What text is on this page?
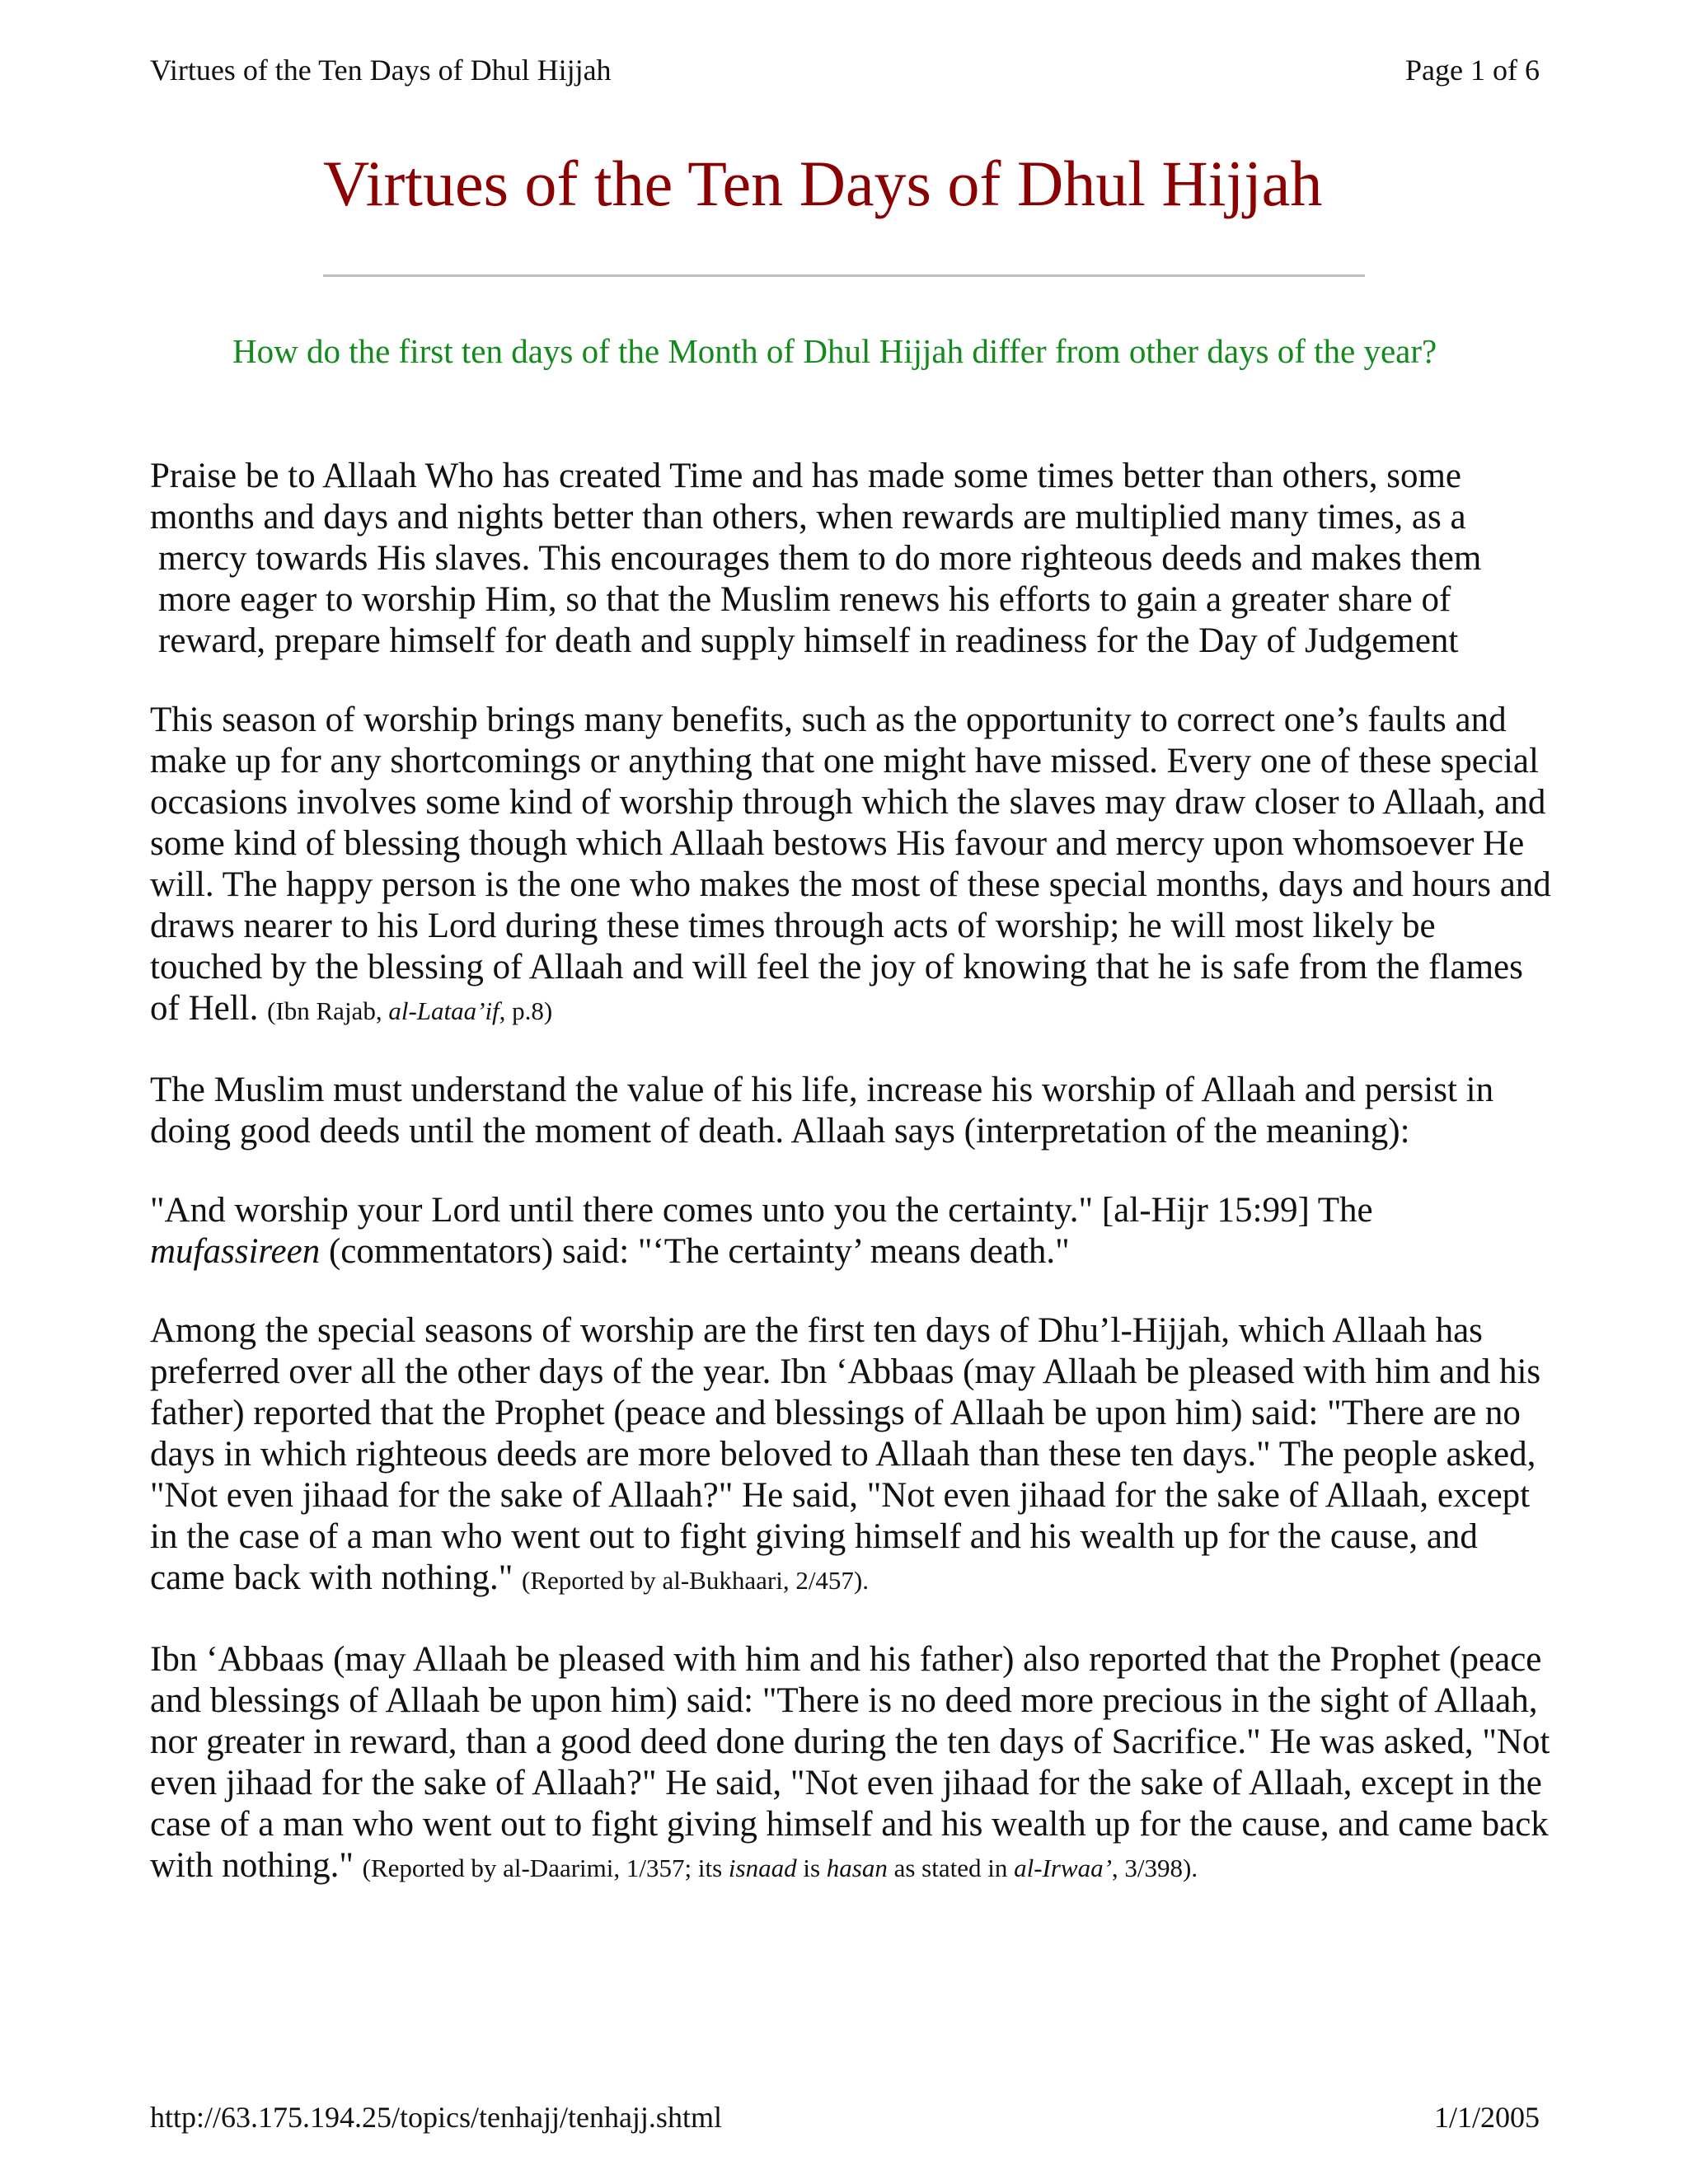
Virtues of the Ten Days of Dhul Hijjah	Page 1 of 6
Virtues of the Ten Days of Dhul Hijjah
How do the first ten days of the Month of Dhul Hijjah differ from other days of the year?

Praise be to Allaah Who has created Time and has made some times better than others, some
months and days and nights better than others, when rewards are multiplied many times, as a
mercy towards His slaves. This encourages them to do more righteous deeds and makes them more eager to worship Him, so that the Muslim renews his efforts to gain a greater share of reward, prepare himself for death and supply himself in readiness for the Day of Judgement

This season of worship brings many benefits, such as the opportunity to correct one’s faults and make up for any shortcomings or anything that one might have missed. Every one of these special occasions involves some kind of worship through which the slaves may draw closer to Allaah, and some kind of blessing though which Allaah bestows His favour and mercy upon whomsoever He will. The happy person is the one who makes the most of these special months, days and hours and draws nearer to his Lord during these times through acts of worship; he will most likely be touched by the blessing of Allaah and will feel the joy of knowing that he is safe from the flames of Hell. (Ibn Rajab, al-Lataa’if, p.8)

The Muslim must understand the value of his life, increase his worship of Allaah and persist in doing good deeds until the moment of death. Allaah says (interpretation of the meaning):

"And worship your Lord until there comes unto you the certainty." [al-Hijr 15:99] The mufassireen (commentators) said: "‘The certainty’ means death."

Among the special seasons of worship are the first ten days of Dhu’l-Hijjah, which Allaah has preferred over all the other days of the year. Ibn ‘Abbaas (may Allaah be pleased with him and his father) reported that the Prophet (peace and blessings of Allaah be upon him) said: "There are no days in which righteous deeds are more beloved to Allaah than these ten days." The people asked, "Not even jihaad for the sake of Allaah?" He said, "Not even jihaad for the sake of Allaah, except in the case of a man who went out to fight giving himself and his wealth up for the cause, and came back with nothing." (Reported by al-Bukhaari, 2/457).

Ibn ‘Abbaas (may Allaah be pleased with him and his father) also reported that the Prophet (peace and blessings of Allaah be upon him) said: "There is no deed more precious in the sight of Allaah, nor greater in reward, than a good deed done during the ten days of Sacrifice." He was asked, "Not even jihaad for the sake of Allaah?" He said, "Not even jihaad for the sake of Allaah, except in the case of a man who went out to fight giving himself and his wealth up for the cause, and came back with nothing." (Reported by al-Daarimi, 1/357; its isnaad is hasan as stated in al-Irwaa’, 3/398).

http://63.175.194.25/topics/tenhajj/tenhajj.shtml	1/1/2005
